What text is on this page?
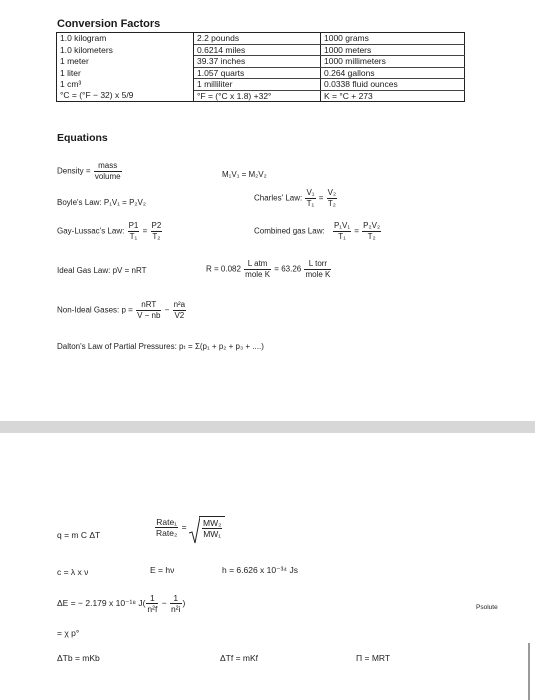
Conversion Factors
1.0 kilogram	2.2 pounds	1000 grams
1.0 kilometers	0.6214 miles	1000 meters
1 meter	39.37 inches	1000 millimeters
1 liter	1.057 quarts	0.264 gallons
1 cm³	1 milliliter	0.0338 fluid ounces
°C = (°F − 32) x 5/9	°F = (°C x 1.8) +32°	K = °C + 273
Equations
Density = $\frac{\text{mass}}{\text{volume}}$	M₁V₁ = M₂V₂
Boyle's Law: P₁V₁ = P₂V₂	Charles' Law: $\frac{\text{V₁}}{\text{T₁}} = \frac{\text{V₂}}{\text{T₂}}$
Gay-Lussac's Law: $\frac{P1}{\text{T₁}} = \frac{P2}{\text{T₂}}$	Combined gas Law: $\frac{\text{P₁V₁}}{\text{T₁}} = \frac{\text{P₂V₂}}{\text{T₂}}$
Ideal Gas Law: pV = nRT	$R = 0.082 \frac{\text{L atm}}{\text{mole K}} = 63.26 \frac{\text{L torr}}{\text{mole K}}$
Non-Ideal Gases: $p = \frac{\text{nRT}}{V - nb} - \frac{\text{n²a}}{V2}$
Dalton's Law of Partial Pressures: pₜ = Σ(p₁ + p₂ + p₃ + ....)
q = m C ΔT	$\frac{\text{Rate₁}}{\text{Rate₂}} = \frac{\text{MW₂}}{\text{MW₁}}$
c = λ x ν	E = hν	h = 6.626 x 10⁻³⁴ Js
ΔE = − 2.179 x 10⁻¹⁸ $J( \frac{1}{\text{n²f}} - \frac{1}{\text{n²i}}$ )	Psolute
= χ p°
ΔTb = mKb	ΔTf = mKf	Π = MRT
